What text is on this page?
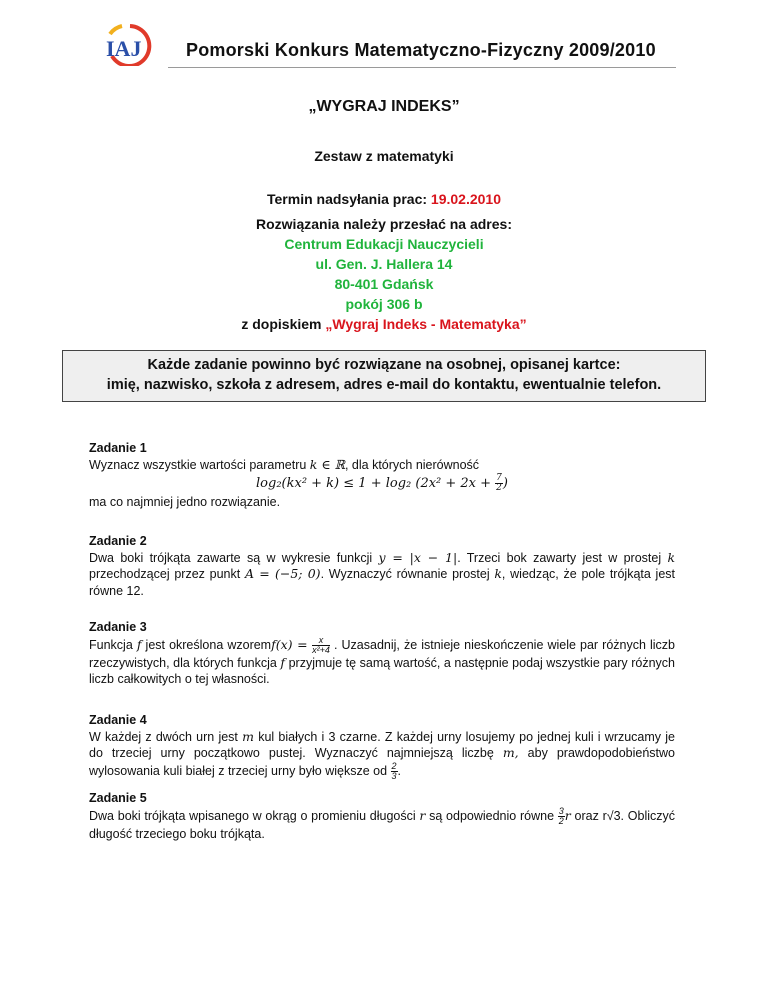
IAJ Pomorski Konkurs Matematyczno-Fizyczny 2009/2010
„WYGRAJ INDEKS”
Zestaw z matematyki
Termin nadsyłania prac: 19.02.2010
Rozwiązania należy przesłać na adres:
Centrum Edukacji Nauczycieli
ul. Gen. J. Hallera 14
80-401 Gdańsk
pokój 306 b
z dopiskiem „Wygraj Indeks - Matematyka”
Każde zadanie powinno być rozwiązane na osobnej, opisanej kartce:
imię, nazwisko, szkoła z adresem, adres e-mail do kontaktu, ewentualnie telefon.
Zadanie 1
Wyznacz wszystkie wartości parametru k ∈ ℝ, dla których nierówność
log₂(kx² + k) ≤ 1 + log₂ ($2x^2 + 2x + \frac{7}{2}$ )
ma co najmniej jedno rozwiązanie.
Zadanie 2
Dwa boki trójkąta zawarte są w wykresie funkcji y = |x − 1|. Trzeci bok zawarty jest w prostej k przechodzącej przez punkt A = (−5; 0). Wyznaczyć równanie prostej k, wiedząc, że pole trójkąta jest równe 12.
Zadanie 3
Funkcja f jest określona wzoremf(x) = $\frac{x}{\text{x²+4}}$ . Uzasadnij, że istnieje nieskończenie wiele par różnych liczb rzeczywistych, dla których funkcja f przyjmuje tę samą wartość, a następnie podaj wszystkie pary różnych liczb całkowitych o tej własności.
Zadanie 4
W każdej z dwóch urn jest m kul białych i 3 czarne. Z każdej urny losujemy po jednej kuli i wrzucamy je do trzeciej urny początkowo pustej. Wyznaczyć najmniejszą liczbę m, aby prawdopodobieństwo wylosowania kuli białej z trzeciej urny było większe od $\frac{2}{3}$ .
Zadanie 5
Dwa boki trójkąta wpisanego w okrąg o promieniu długości r są odpowiednio równe $\frac{3}{2}$ r oraz r√3. Obliczyć długość trzeciego boku trójkąta.
